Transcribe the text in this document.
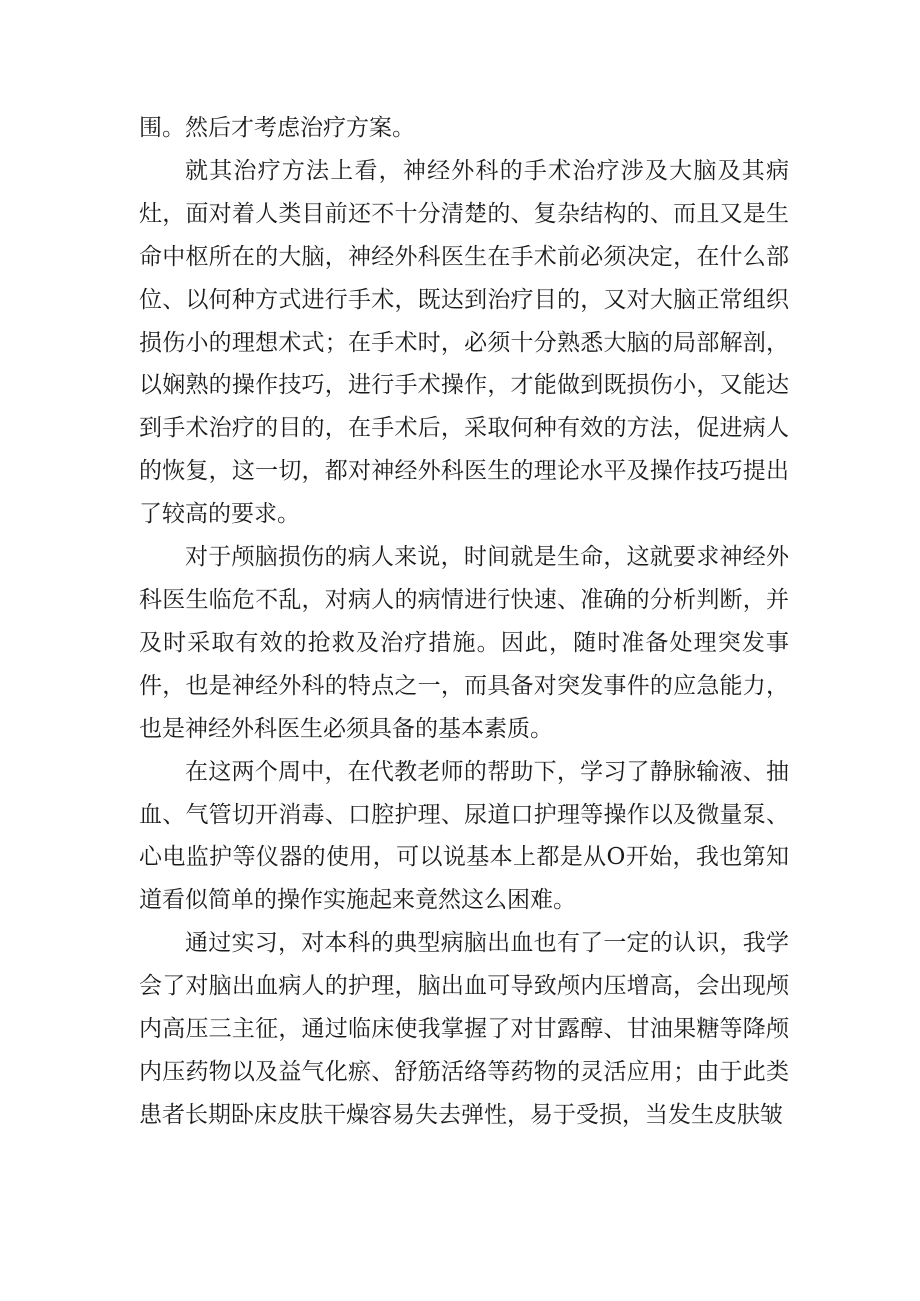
围。然后才考虑治疗方案。

就其治疗方法上看，神经外科的手术治疗涉及大脑及其病灶，面对着人类目前还不十分清楚的、复杂结构的、而且又是生命中枢所在的大脑，神经外科医生在手术前必须决定，在什么部位、以何种方式进行手术，既达到治疗目的，又对大脑正常组织损伤小的理想术式；在手术时，必须十分熟悉大脑的局部解剖，以娴熟的操作技巧，进行手术操作，才能做到既损伤小，又能达到手术治疗的目的，在手术后，采取何种有效的方法，促进病人的恢复，这一切，都对神经外科医生的理论水平及操作技巧提出了较高的要求。

对于颅脑损伤的病人来说，时间就是生命，这就要求神经外科医生临危不乱，对病人的病情进行快速、准确的分析判断，并及时采取有效的抢救及治疗措施。因此，随时准备处理突发事件，也是神经外科的特点之一，而具备对突发事件的应急能力，也是神经外科医生必须具备的基本素质。

在这两个周中，在代教老师的帮助下，学习了静脉输液、抽血、气管切开消毒、口腔护理、尿道口护理等操作以及微量泵、心电监护等仪器的使用，可以说基本上都是从O开始，我也第知道看似简单的操作实施起来竟然这么困难。

通过实习，对本科的典型病脑出血也有了一定的认识，我学会了对脑出血病人的护理，脑出血可导致颅内压增高，会出现颅内高压三主征，通过临床使我掌握了对甘露醇、甘油果糖等降颅内压药物以及益气化瘀、舒筋活络等药物的灵活应用；由于此类患者长期卧床皮肤干燥容易失去弹性，易于受损，当发生皮肤皱
